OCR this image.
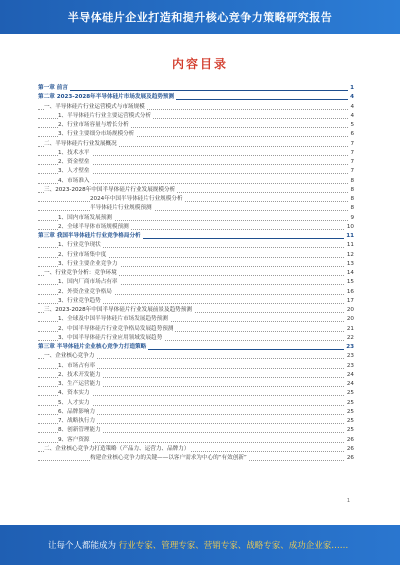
半导体硅片企业打造和提升核心竞争力策略研究报告
内容目录
第一章 前言	1
第二章 2023-2028年半导体硅片市场发展及趋势预测	4
一、半导体硅片行业运营模式与市场规模	4
1、半导体硅片行业主要运营模式分析	4
2、行业市场容量与增长分析	5
3、行业主要细分市场规模分析	6
二、半导体硅片行业发展概况	7
1、技术水平	7
2、资金壁垒	7
3、人才壁垒	7
4、市场准入	8
三、2023-2028年中国半导体硅片行业发展规模分析	8
2024年中国半导体硅片行业规模分析	8
半导体硅片行业规模预测	8
1、国内市场发展预测	9
2、全球半导体市场规模预测	10
第三章 我国半导体硅片行业竞争格局分析	11
1、行业竞争现状	11
2、行业市场集中度	12
3、行业主要企业竞争力	13
一、行业竞争分析：竞争环境	14
1、国内厂商市场占有率	15
2、外资企业竞争格局	16
3、行业竞争趋势	17
三、2023-2028年中国半导体硅片行业发展前景及趋势预测	20
1、全球及中国半导体硅片市场发展趋势预测	20
2、中国半导体硅片行业竞争格局发展趋势预测	21
3、中国半导体硅片行业应用领域发展趋势	22
第三章 半导体硅片企业核心竞争力打造策略	23
一、企业核心竞争力	23
1、市场占有率	23
2、技术开发能力	24
3、生产运营能力	24
4、资本实力	25
5、人才实力	25
6、品牌影响力	25
7、战略执行力	25
8、创新管理能力	25
9、客户资源	26
二、企业核心竞争力打造策略（产品力、运营力、品牌力）	26
构建企业核心竞争力的关键——以客户需求为中心的“有效创新”	26
1
让每个人都能成为 行业专家、管理专家、营销专家、战略专家、成功企业家……
